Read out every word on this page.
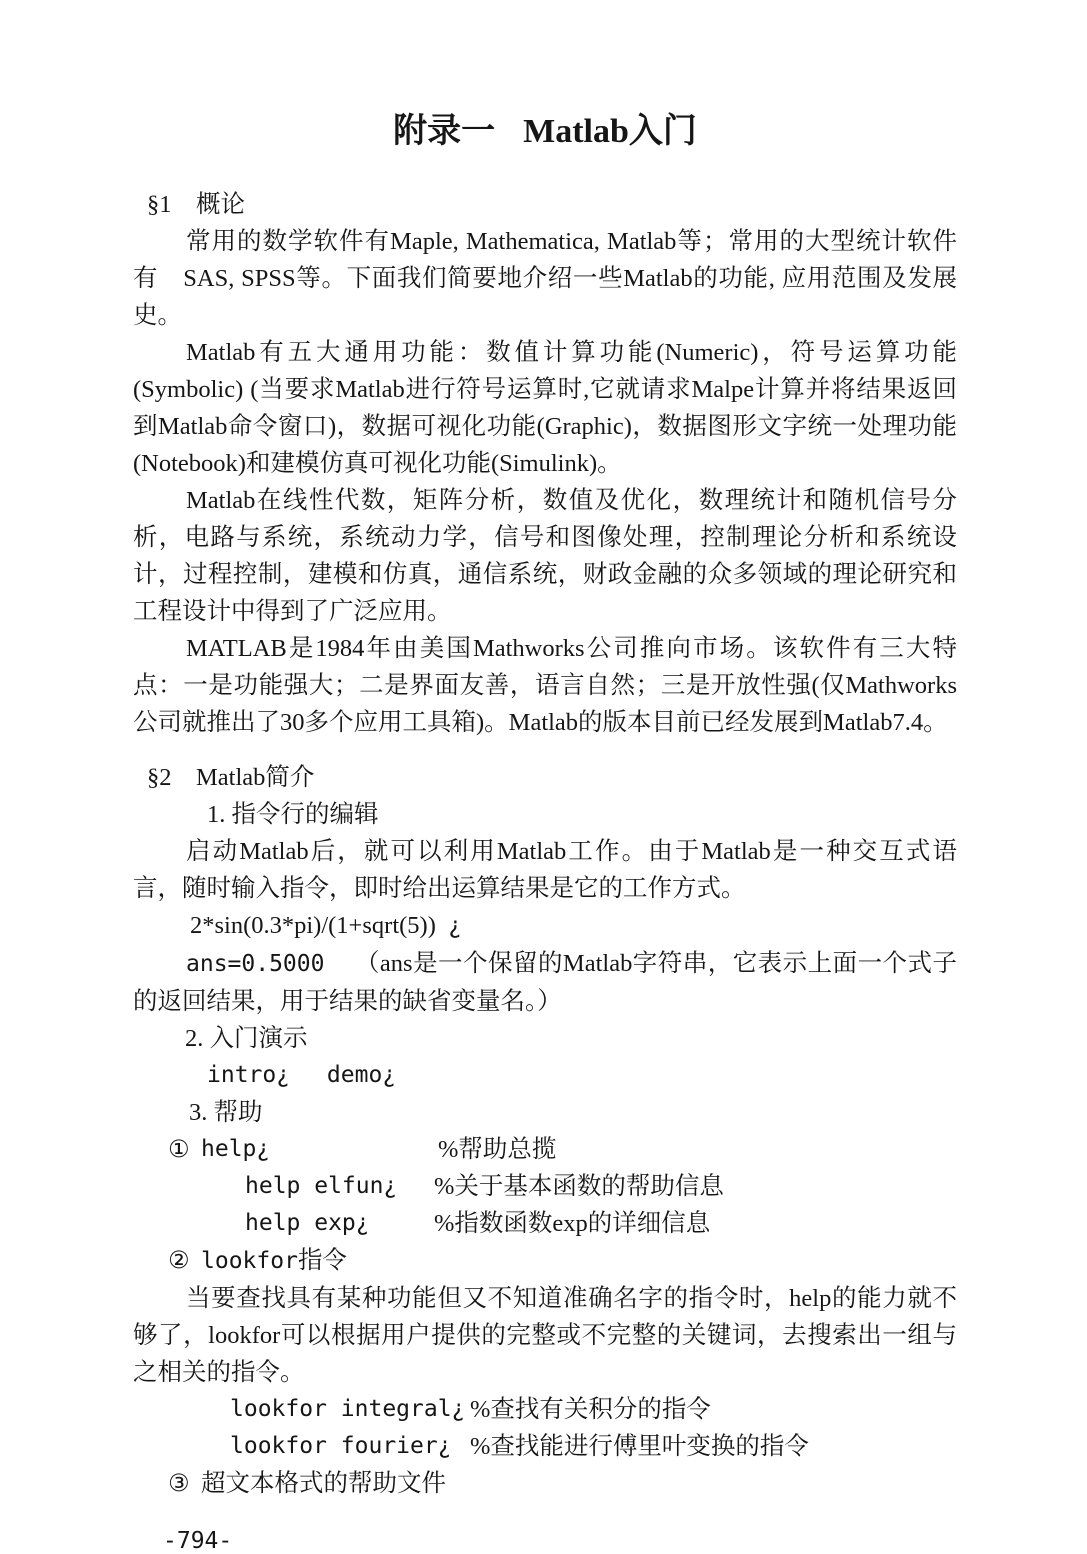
附录一 Matlab入门

§1　概论

常用的数学软件有Maple, Mathematica, Matlab等；常用的大型统计软件有　SAS, SPSS等。下面我们简要地介绍一些Matlab的功能, 应用范围及发展史。

Matlab有五大通用功能：数值计算功能(Numeric)，符号运算功能(Symbolic) (当要求Matlab进行符号运算时,它就请求Malpe计算并将结果返回到Matlab命令窗口)，数据可视化功能(Graphic)，数据图形文字统一处理功能(Notebook)和建模仿真可视化功能(Simulink)。

Matlab在线性代数，矩阵分析，数值及优化，数理统计和随机信号分析，电路与系统，系统动力学，信号和图像处理，控制理论分析和系统设计，过程控制，建模和仿真，通信系统，财政金融的众多领域的理论研究和工程设计中得到了广泛应用。

MATLAB是1984年由美国Mathworks公司推向市场。该软件有三大特点：一是功能强大；二是界面友善，语言自然；三是开放性强(仅Mathworks公司就推出了30多个应用工具箱)。Matlab的版本目前已经发展到Matlab7.4。

§2　Matlab简介

1. 指令行的编辑

启动Matlab后，就可以利用Matlab工作。由于Matlab是一种交互式语言，随时输入指令，即时给出运算结果是它的工作方式。

2*sin(0.3*pi)/(1+sqrt(5)) ¿

ans=0.5000 （ans是一个保留的Matlab字符串，它表示上面一个式子的返回结果，用于结果的缺省变量名。）

2. 入门演示

intro¿　 demo¿

3. 帮助

① help¿	%帮助总揽
help elfun¿	%关于基本函数的帮助信息
help exp¿	%指数函数exp的详细信息
② lookfor指令

当要查找具有某种功能但又不知道准确名字的指令时，help的能力就不够了，lookfor可以根据用户提供的完整或不完整的关键词，去搜索出一组与之相关的指令。

lookfor integral¿ %查找有关积分的指令
lookfor fourier¿ %查找能进行傅里叶变换的指令
③ 超文本格式的帮助文件
-794-
